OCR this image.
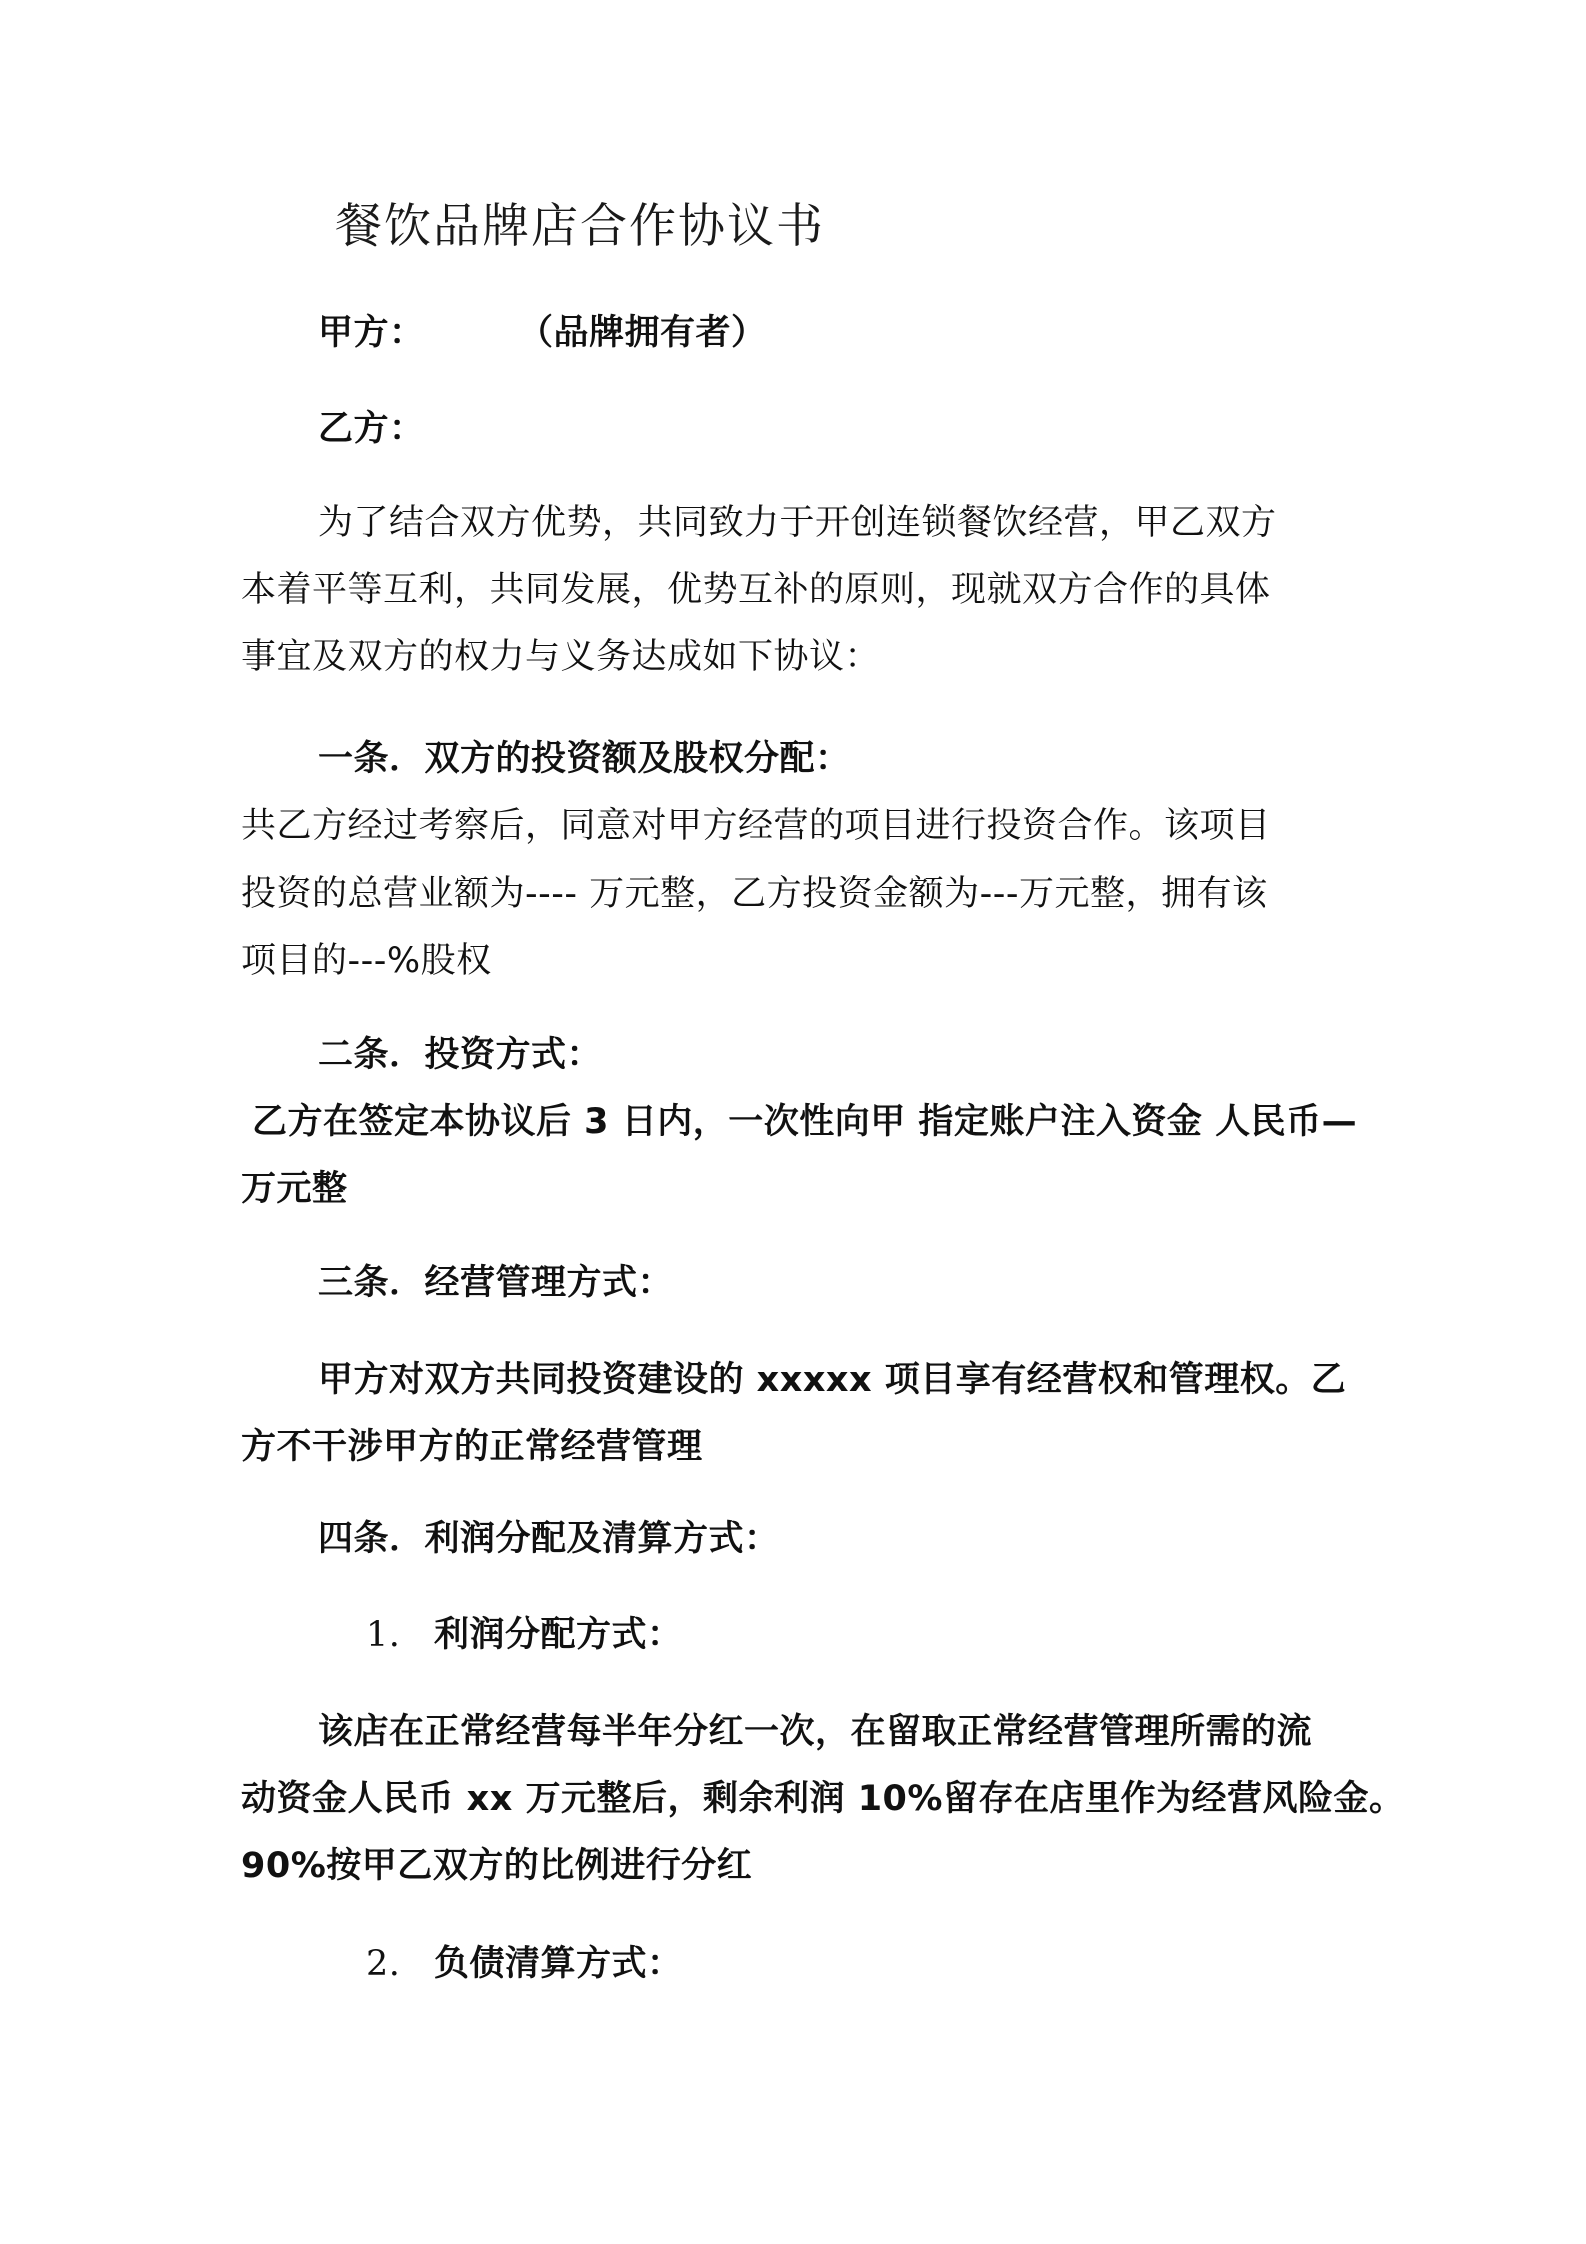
餐饮品牌店合作协议书
甲方：	（品牌拥有者）
乙方：
为了结合双方优势，共同致力于开创连锁餐饮经营，甲乙双方
本着平等互利，共同发展，优势互补的原则，现就双方合作的具体
事宜及双方的权力与义务达成如下协议：
一条．双方的投资额及股权分配：
共乙方经过考察后，同意对甲方经营的项目进行投资合作。该项目
投资的总营业额为---- 万元整，乙方投资金额为---万元整，拥有该
项目的---%股权
二条．投资方式：
乙方在签定本协议后 3 日内，一次性向甲 指定账户注入资金 人民币—
万元整
三条．经营管理方式：
甲方对双方共同投资建设的 xxxxx 项目享有经营权和管理权。乙
方不干涉甲方的正常经营管理
四条．利润分配及清算方式：
1. 利润分配方式：
该店在正常经营每半年分红一次，在留取正常经营管理所需的流
动资金人民币 xx 万元整后，剩余利润 10%留存在店里作为经营风险金。
90%按甲乙双方的比例进行分红
2. 负债清算方式：
